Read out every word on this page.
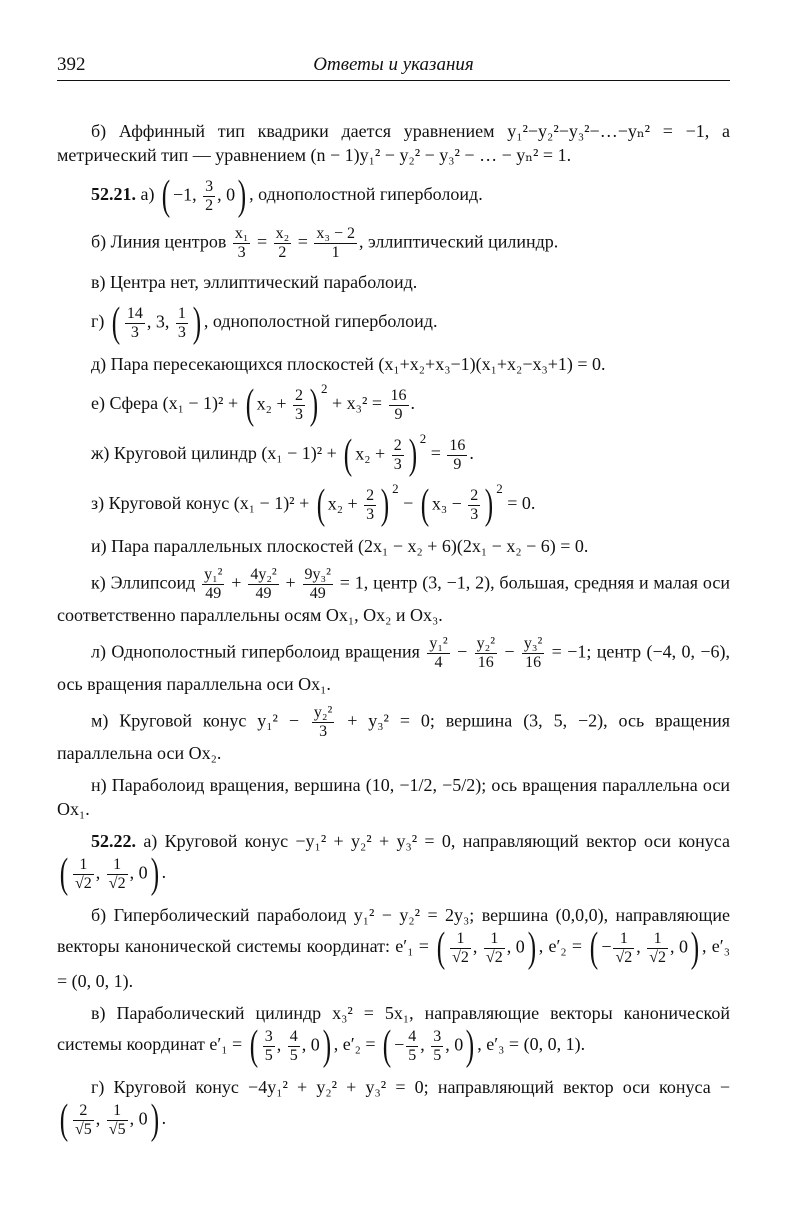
392	Ответы и указания
б) Аффинный тип квадрики дается уравнением y₁²−y₂²−y₃²−…−yₙ² = −1, а метрический тип — уравнением (n − 1)y₁² − y₂² − y₃² − … − yₙ² = 1.
52.21. а) ( −1, $\frac{3}{2}$ , 0 ) , однополостной гиперболоид.
б) Линия центров $\frac{\text{x₁}}{3} = \frac{\text{x₂}}{2} = \frac{\text{x₃ − 2}}{1}$ , эллиптический цилиндр.
в) Центра нет, эллиптический параболоид.
г) ( $\frac{14}{3}$ , 3, $\frac{1}{3}$ ) , однополостной гиперболоид.
д) Пара пересекающихся плоскостей (x₁+x₂+x₃−1)(x₁+x₂−x₃+1) = 0.
е) Сфера (x₁ − 1)² + ( $x_2 + \frac{2}{3}$ ) 2
+ $x_3^2 = \frac{16}{9}$ .
ж) Круговой цилиндр (x₁ − 1)² + ( $x_2 + \frac{2}{3}$ ) 2
= $\frac{16}{9}$ .
з) Круговой конус (x₁ − 1)² + ( $x_2 + \frac{2}{3}$ ) 2
− ( $x_3 - \frac{2}{3}$ ) 2
= 0.
и) Пара параллельных плоскостей (2x₁ − x₂ + 6)(2x₁ − x₂ − 6) = 0.
к) Эллипсоид $\frac{\text{y₁²}}{49} + \frac{\text{4y₂²}}{49} + \frac{\text{9y₃²}}{49} = 1$, центр (3, −1, 2), большая, средняя и малая оси соответственно параллельны осям Ox₁, Ox₂ и Ox₃.
л) Однополостный гиперболоид вращения $\frac{\text{y₁²}}{4} - \frac{\text{y₂²}}{16} - \frac{\text{y₃²}}{16} = -1$; центр (−4, 0, −6), ось вращения параллельна оси Ox₁.
м) Круговой конус $y_1^2 - \frac{\text{y₂²}}{3} + y_3^2 = 0$; вершина (3, 5, −2), ось вращения параллельна оси Ox₂.
н) Параболоид вращения, вершина (10, −1/2, −5/2); ось вращения параллельна оси Ox₁.
52.22. а) Круговой конус −y₁² + y₂² + y₃² = 0, направляющий вектор оси конуса
( $\frac{1}{√2}$ , $\frac{1}{√2}$ , 0 ) .
б) Гиперболический параболоид y₁² − y₂² = 2y₃; вершина (0,0,0), направляющие векторы канонической системы координат: e′₁ = ( $\frac{1}{√2}$ , $\frac{1}{√2}$ , 0 ) , e′₂ = ( − $\frac{1}{√2}$ , $\frac{1}{√2}$ , 0 ) , e′₃ = (0, 0, 1).
в) Параболический цилиндр x₃² = 5x₁, направляющие векторы канонической системы координат e′₁ = ( $\frac{3}{5}$ , $\frac{4}{5}$ , 0 ) , e′₂ = ( − $\frac{4}{5}$ , $\frac{3}{5}$ , 0 ) , e′₃ = (0, 0, 1).
г) Круговой конус −4y₁² + y₂² + y₃² = 0; направляющий вектор оси конуса −
( $\frac{2}{√5}$ , $\frac{1}{√5}$ , 0 ) .
